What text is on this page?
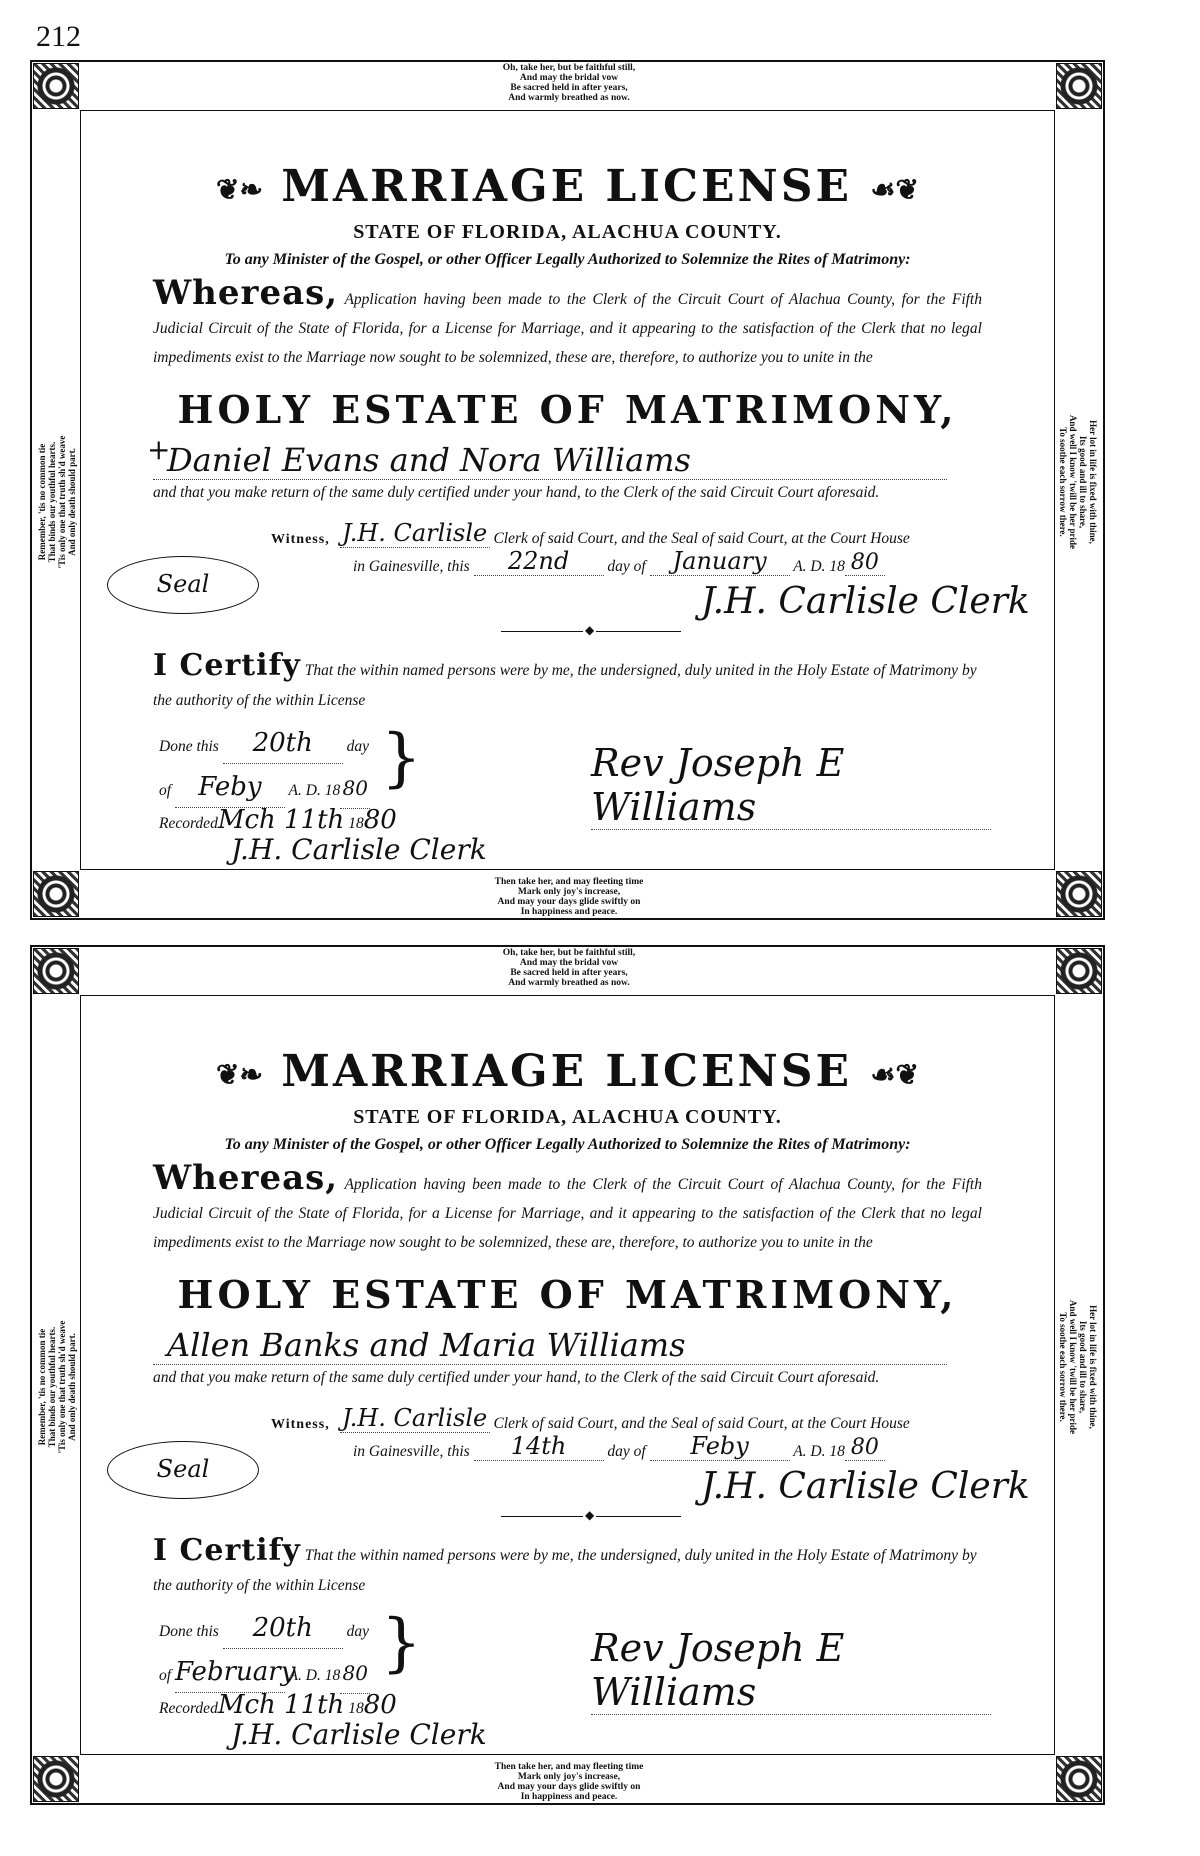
212
Oh, take her, but be faithful still,
And may the bridal vow
Be sacred held in after years,
And warmly breathed as now.
Then take her, and may fleeting time
Mark only joy's increase,
And may your days glide swiftly on
In happiness and peace.
Remember, 'tis no common tie That binds our youthful hearts. 'Tis only one that truth sh'd weave And only death should part.	Her lot in life is fixed with thine,
Its good and ill to share,
And well I know 'twill be her pride
To soothe each sorrow there.
❦❧ MARRIAGE LICENSE ☙❦
STATE OF FLORIDA, ALACHUA COUNTY.
To any Minister of the Gospel, or other Officer Legally Authorized to Solemnize the Rites of Matrimony:
Whereas, Application having been made to the Clerk of the Circuit Court of Alachua County, for the Fifth Judicial Circuit of the State of Florida, for a License for Marriage, and it appearing to the satisfaction of the Clerk that no legal impediments exist to the Marriage now sought to be solemnized, these are, therefore, to authorize you to unite in the
HOLY ESTATE OF MATRIMONY,
+
Daniel Evans and Nora Williams
and that you make return of the same duly certified under your hand, to the Clerk of the said Circuit Court aforesaid.
Witness, J.H. Carlisle Clerk of said Court, and the Seal of said Court, at the Court House
in Gainesville, this 22nd day of January A. D. 18 80
Seal	J.H. Carlisle Clerk
◆
I Certify That the within named persons were by me, the undersigned, duly united in the Holy Estate of Matrimony by the authority of the within License
Done this 20th day
of Feby A. D. 18 80 }	Rev Joseph E Williams
RecordedMch 11th 1880
J.H. Carlisle Clerk
Oh, take her, but be faithful still,
And may the bridal vow
Be sacred held in after years,
And warmly breathed as now.
Then take her, and may fleeting time
Mark only joy's increase,
And may your days glide swiftly on
In happiness and peace.
Remember, 'tis no common tie That binds our youthful hearts. 'Tis only one that truth sh'd weave And only death should part.	Her lot in life is fixed with thine,
Its good and ill to share,
And well I know 'twill be her pride
To soothe each sorrow there.
❦❧ MARRIAGE LICENSE ☙❦
STATE OF FLORIDA, ALACHUA COUNTY.
To any Minister of the Gospel, or other Officer Legally Authorized to Solemnize the Rites of Matrimony:
Whereas, Application having been made to the Clerk of the Circuit Court of Alachua County, for the Fifth Judicial Circuit of the State of Florida, for a License for Marriage, and it appearing to the satisfaction of the Clerk that no legal impediments exist to the Marriage now sought to be solemnized, these are, therefore, to authorize you to unite in the
HOLY ESTATE OF MATRIMONY,
Allen Banks and Maria Williams
and that you make return of the same duly certified under your hand, to the Clerk of the said Circuit Court aforesaid.
Witness, J.H. Carlisle Clerk of said Court, and the Seal of said Court, at the Court House
in Gainesville, this 14th	day of Feby	A. D. 18 80
Seal	J.H. Carlisle Clerk
◆
I Certify That the within named persons were by me, the undersigned, duly united in the Holy Estate of Matrimony by the authority of the within License
Done this 20th day
of February A. D. 18 80 }	Rev Joseph E Williams
RecordedMch 11th 1880
J.H. Carlisle Clerk
